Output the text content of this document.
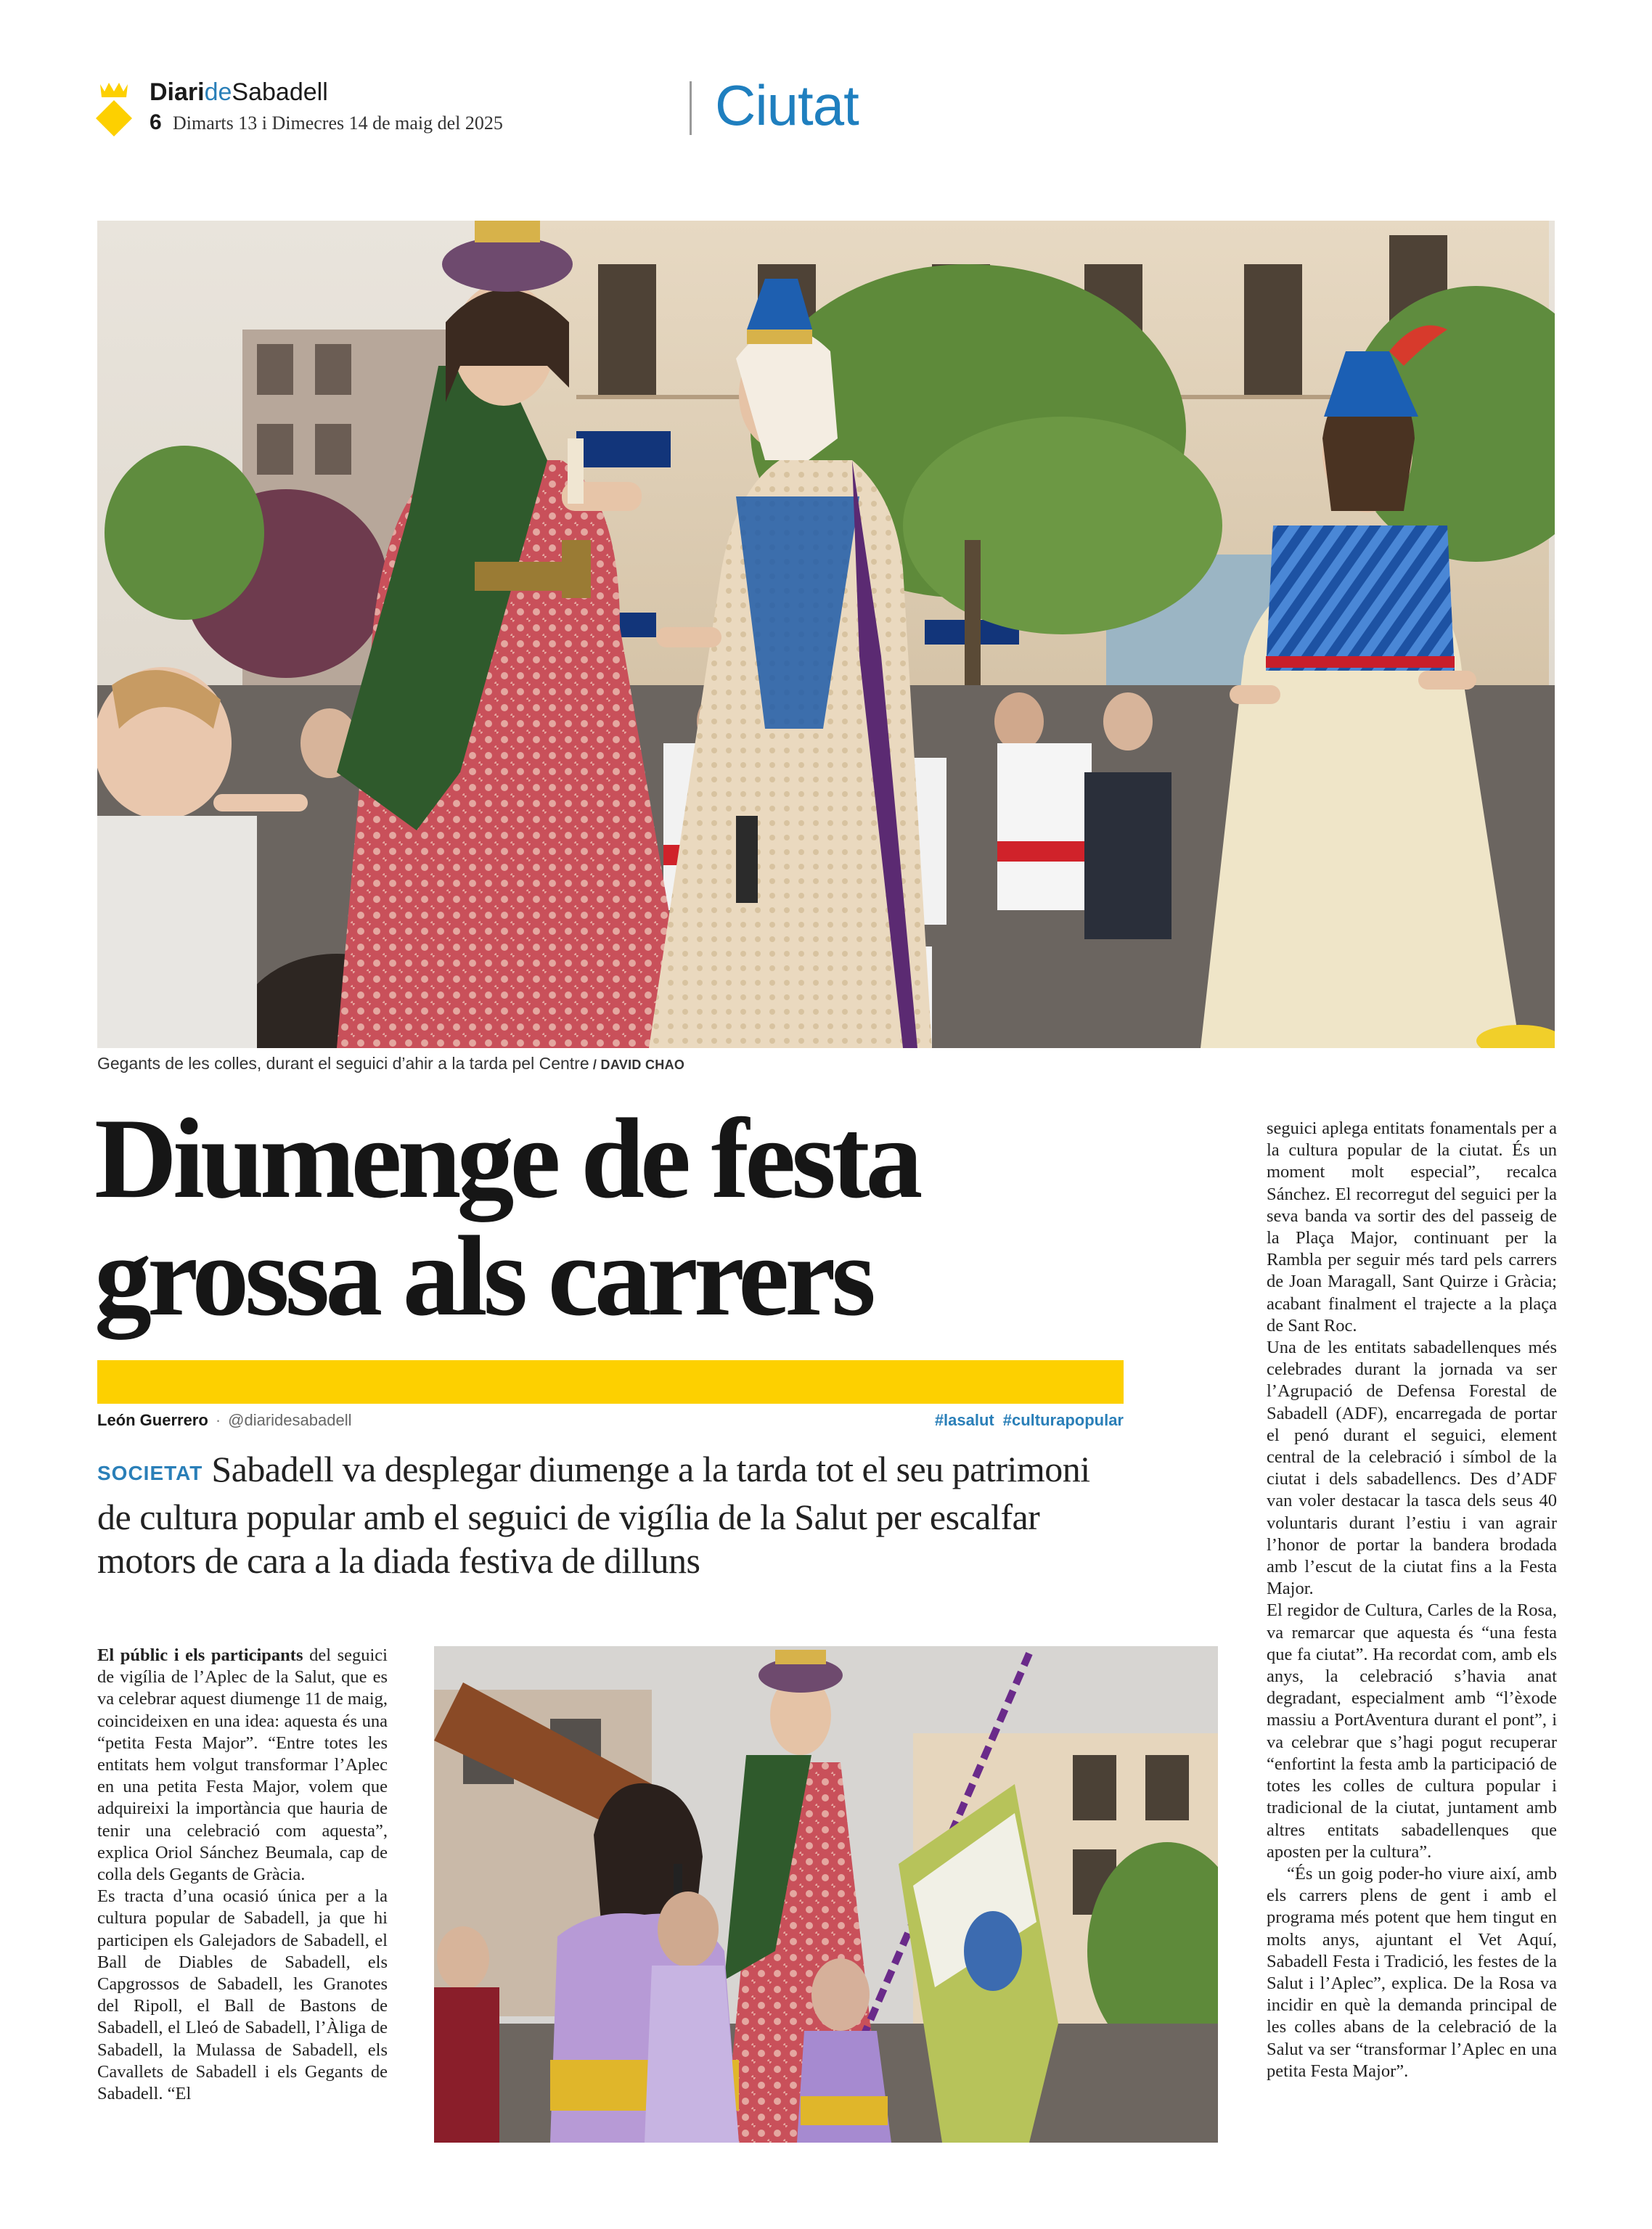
DiarideSabadell
6 Dimarts 13 i Dimecres 14 de maig del 2025	Ciutat
Gegants de les colles, durant el seguici d’ahir a la tarda pel Centre / DAVID CHAO
Diumenge de festa
grossa als carrers
León Guerrero · @diaridesabadell	#lasalut #culturapopular
SOCIETAT Sabadell va desplegar diumenge a la tarda tot el seu patrimoni de cultura popular amb el seguici de vigília de la Salut per escalfar motors de cara a la diada festiva de dilluns

El públic i els participants del seguici de vigília de l’Aplec de la Salut, que es va celebrar aquest diumenge 11 de maig, coincideixen en una idea: aquesta és una “petita Festa Major”. “Entre totes les entitats hem volgut transformar l’Aplec en una petita Festa Major, volem que adquireixi la importància que hauria de tenir una celebració com aquesta”, explica Oriol Sánchez Beumala, cap de colla dels Gegants de Gràcia.

Es tracta d’una ocasió única per a la cultura popular de Sabadell, ja que hi participen els Galejadors de Sabadell, el Ball de Diables de Sabadell, els Capgrossos de Sabadell, les Granotes del Ripoll, el Ball de Bastons de Sabadell, el Lleó de Sabadell, l’Àliga de Sabadell, la Mulassa de Sabadell, els Cavallets de Sabadell i els Gegants de Sabadell. “El

seguici aplega entitats fonamentals per a la cultura popular de la ciutat. És un moment molt especial”, recalca Sánchez. El recorregut del seguici per la seva banda va sortir des del passeig de la Plaça Major, continuant per la Rambla per seguir més tard pels carrers de Joan Maragall, Sant Quirze i Gràcia; acabant finalment el trajecte a la plaça de Sant Roc.

Una de les entitats sabadellenques més celebrades durant la jornada va ser l’Agrupació de Defensa Forestal de Sabadell (ADF), encarregada de portar el penó durant el seguici, element central de la celebració i símbol de la ciutat i dels sabadellencs. Des d’ADF van voler destacar la tasca dels seus 40 voluntaris durant l’estiu i van agrair l’honor de portar la bandera brodada amb l’escut de la ciutat fins a la Festa Major.

El regidor de Cultura, Carles de la Rosa, va remarcar que aquesta és “una festa que fa ciutat”. Ha recordat com, amb els anys, la celebració s’havia anat degradant, especialment amb “l’èxode massiu a PortAventura durant el pont”, i va celebrar que s’hagi pogut recuperar “enfortint la festa amb la participació de totes les colles de cultura popular i tradicional de la ciutat, juntament amb altres entitats sabadellenques que aposten per la cultura”.

“És un goig poder-ho viure així, amb els carrers plens de gent i amb el programa més potent que hem tingut en molts anys, ajuntant el Vet Aquí, Sabadell Festa i Tradició, les festes de la Salut i l’Aplec”, explica. De la Rosa va incidir en què la demanda principal de les colles abans de la celebració de la Salut va ser “transformar l’Aplec en una petita Festa Major”.
